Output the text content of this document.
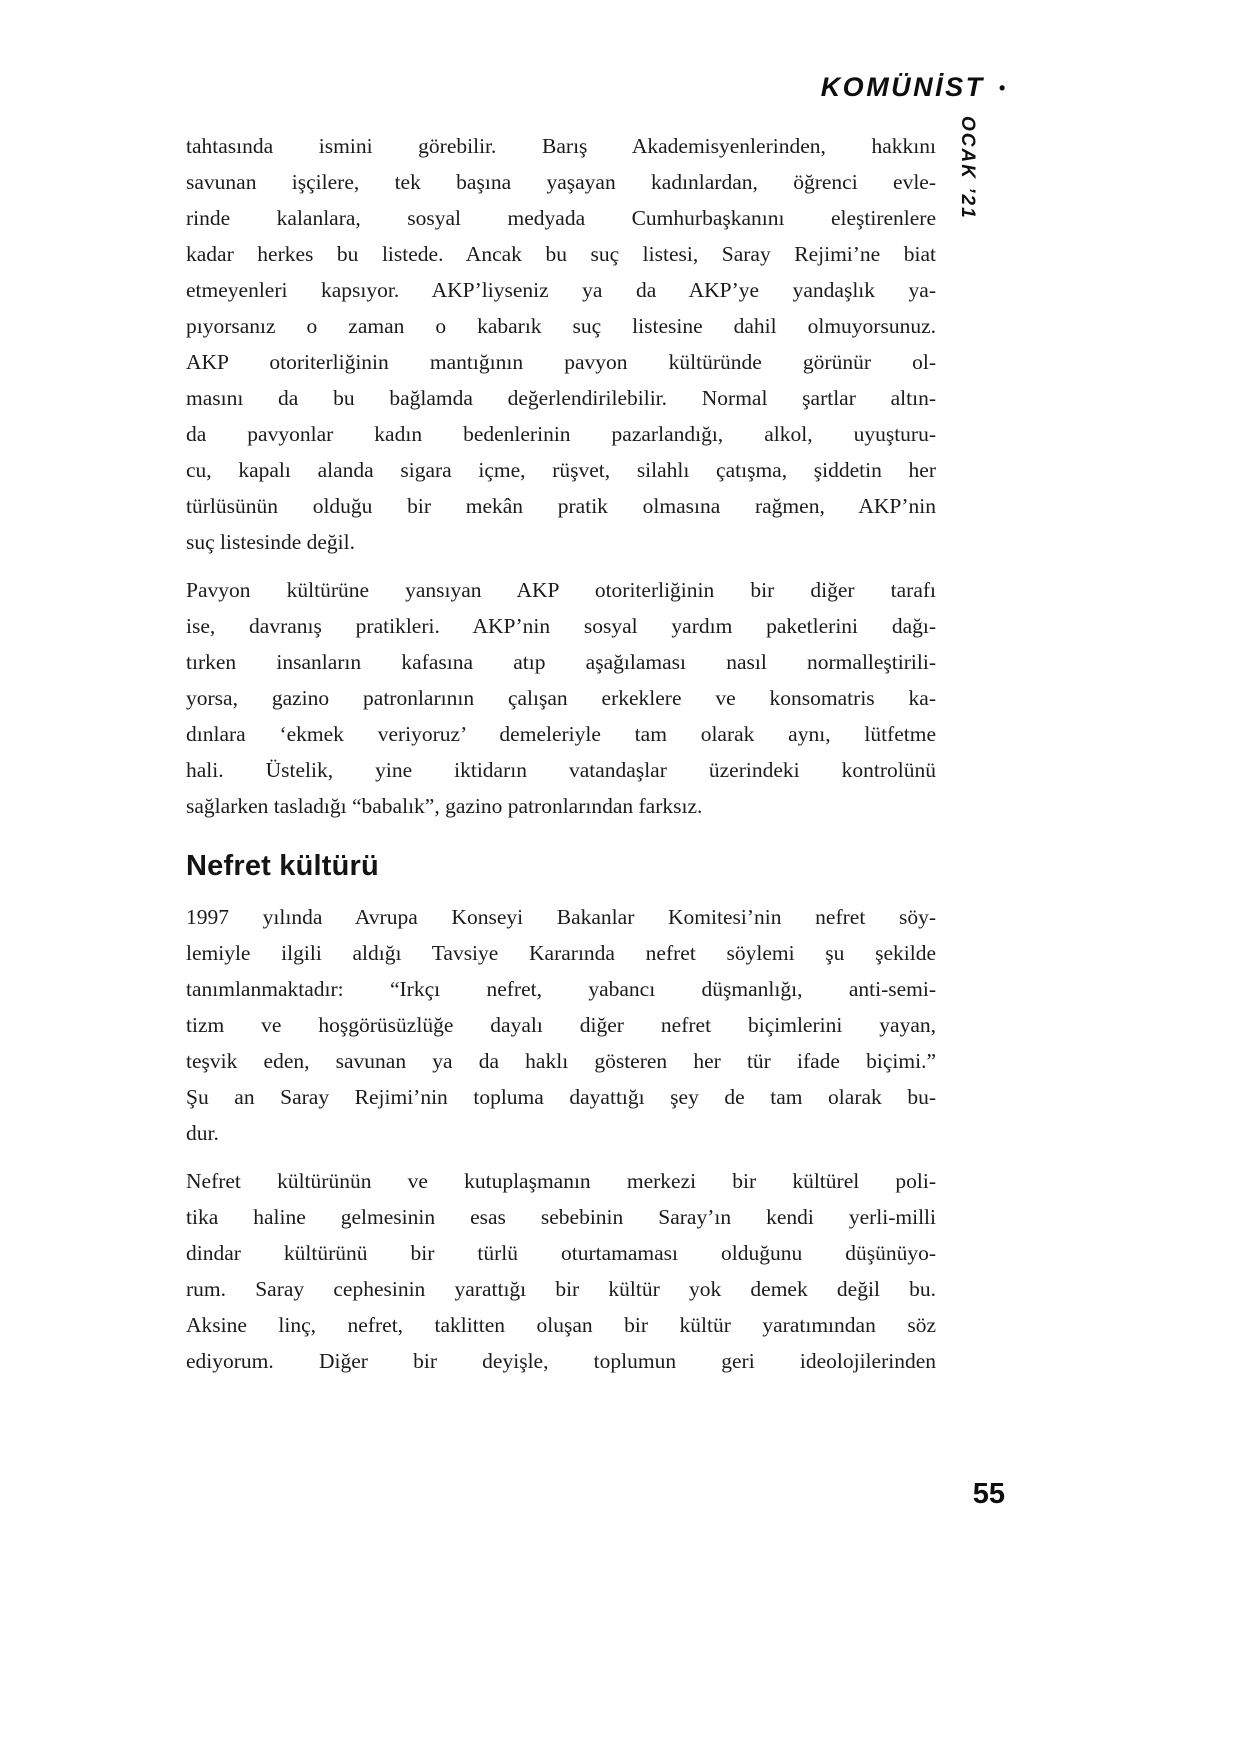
KOMÜNİST •
OCAK ’21
tahtasında ismini görebilir. Barış Akademisyenlerinden, hakkını
savunan işçilere, tek başına yaşayan kadınlardan, öğrenci evle-
rinde kalanlara, sosyal medyada Cumhurbaşkanını eleştirenlere
kadar herkes bu listede. Ancak bu suç listesi, Saray Rejimi’ne biat
etmeyenleri kapsıyor. AKP’liyseniz ya da AKP’ye yandaşlık ya-
pıyorsanız o zaman o kabarık suç listesine dahil olmuyorsunuz.
AKP otoriterliğinin mantığının pavyon kültüründe görünür ol-
masını da bu bağlamda değerlendirilebilir. Normal şartlar altın-
da pavyonlar kadın bedenlerinin pazarlandığı, alkol, uyuşturu-
cu, kapalı alanda sigara içme, rüşvet, silahlı çatışma, şiddetin her
türlüsünün olduğu bir mekân pratik olmasına rağmen, AKP’nin
suç listesinde değil.
Pavyon kültürüne yansıyan AKP otoriterliğinin bir diğer tarafı
ise, davranış pratikleri. AKP’nin sosyal yardım paketlerini dağı-
tırken insanların kafasına atıp aşağılaması nasıl normalleştirili-
yorsa, gazino patronlarının çalışan erkeklere ve konsomatris ka-
dınlara ‘ekmek veriyoruz’ demeleriyle tam olarak aynı, lütfetme
hali. Üstelik, yine iktidarın vatandaşlar üzerindeki kontrolünü
sağlarken tasladığı “babalık”, gazino patronlarından farksız.
Nefret kültürü
1997 yılında Avrupa Konseyi Bakanlar Komitesi’nin nefret söy-
lemiyle ilgili aldığı Tavsiye Kararında nefret söylemi şu şekilde
tanımlanmaktadır: “Irkçı nefret, yabancı düşmanlığı, anti-semi-
tizm ve hoşgörüsüzlüğe dayalı diğer nefret biçimlerini yayan,
teşvik eden, savunan ya da haklı gösteren her tür ifade biçimi.”
Şu an Saray Rejimi’nin topluma dayattığı şey de tam olarak bu-
dur.
Nefret kültürünün ve kutuplaşmanın merkezi bir kültürel poli-
tika haline gelmesinin esas sebebinin Saray’ın kendi yerli-milli
dindar kültürünü bir türlü oturtamaması olduğunu düşünüyo-
rum. Saray cephesinin yarattığı bir kültür yok demek değil bu.
Aksine linç, nefret, taklitten oluşan bir kültür yaratımından söz
ediyorum. Diğer bir deyişle, toplumun geri ideolojilerinden
55
